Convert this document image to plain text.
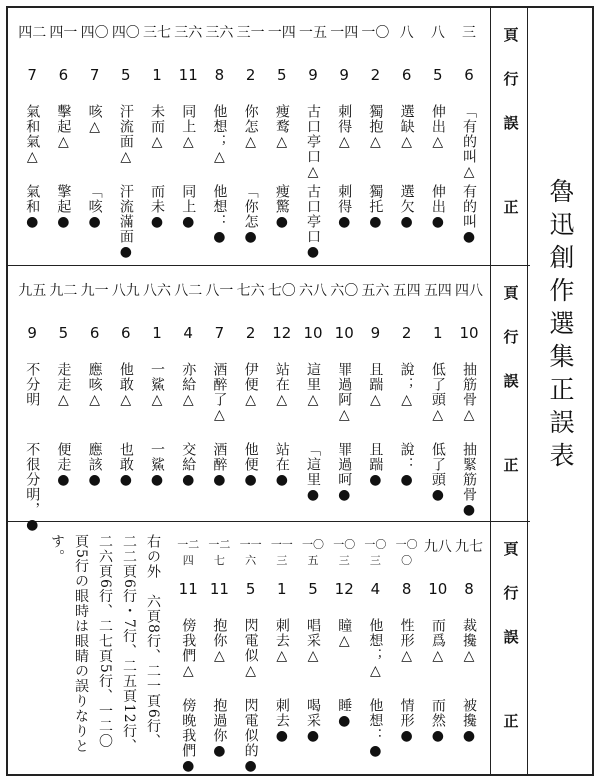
魯迅創作選集正誤表
頁
行
誤
正
三
6
「有的叫△
有的叫●
八
5
伸出△
伸出●
八
6
選缺△
選欠●
一〇
2
獨抱△
獨托●
一四
9
刺得△
刺得●
一五
9
古口亭口△
古口亭口●
一四
5
痩鹜△
痩驚●
三一
2
你怎△
「你怎●
三六
8
他想；△
他想：●
三六
11
同上△
同上●
三七
1
未而△
而未●
四〇
5
汗流面△
汗流滿面●
四〇
7
咳△
「咳●
四一
6
擊起△
擎起●
四二
7
氣和氣△
氣和●
頁
行
誤
正
四八
10
抽筋骨△
抽緊筋骨●
五四
1
低了頭△
低了頭●
五四
2
說；△
說：●
五六
9
且踹△
且踹●
六〇
10
罪過阿△
罪過呵●
六八
10
這里△
「這里●
七〇
12
站在△
站在●
七六
2
伊便△
他便●
八一
7
酒醉了△
酒醉●
八二
4
亦給△
交給●
八六
1
一鯊△
一鯊●
八九
6
他敢△
也敢●
九一
6
應咳△
應該●
九二
5
走走△
便走●
九五
9
不分明
不很分明，●
頁
行
誤
正
九七
8
裁攙△
被攙●
九八
10
而爲△
而然●
一〇〇
8
性形△
情形●
一〇三
4
他想；△
他想：●
一〇三
12
瞳△
睡●
一〇五
5
唱采△
喝采●
一一三
1
刺去△
刺去●
一一六
5
閃電似△
閃電似的●
一二七
11
抱你△
抱過你●
一二四
11
傍我們△
傍晚我們●
右の外　六頁8行、二一頁6行、
二二頁6行・7行、二五頁12行、
二六頁6行、二七頁5行、一二〇
頁5行の眼時は眼睛の誤りなりと
す。
